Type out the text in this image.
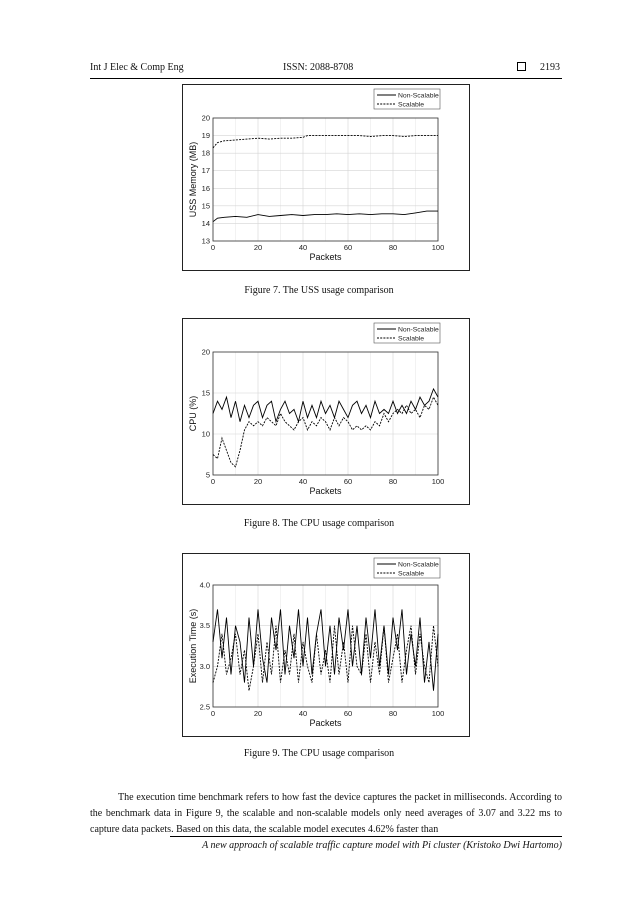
Int J Elec & Comp Eng	ISSN: 2088-8708	2193
0	20	40	60	80	100
13
14
15
16
17
18
19
20
Packets
USS Memory (MB)
Non-Scalable
Scalable
Figure 7. The USS usage comparison
0	20	40	60	80	100
5
10
15
20
Packets
CPU (%)
Non-Scalable
Scalable
Figure 8. The CPU usage comparison
0	20	40	60	80	100
2.5
3.0
3.5
4.0
Packets
Execution Time (s)
Non-Scalable
Scalable
Figure 9. The CPU usage comparison

The execution time benchmark refers to how fast the device captures the packet in milliseconds. According to the benchmark data in Figure 9, the scalable and non-scalable models only need averages of 3.07 and 3.22 ms to capture data packets. Based on this data, the scalable model executes 4.62% faster than

A new approach of scalable traffic capture model with Pi cluster (Kristoko Dwi Hartomo)
